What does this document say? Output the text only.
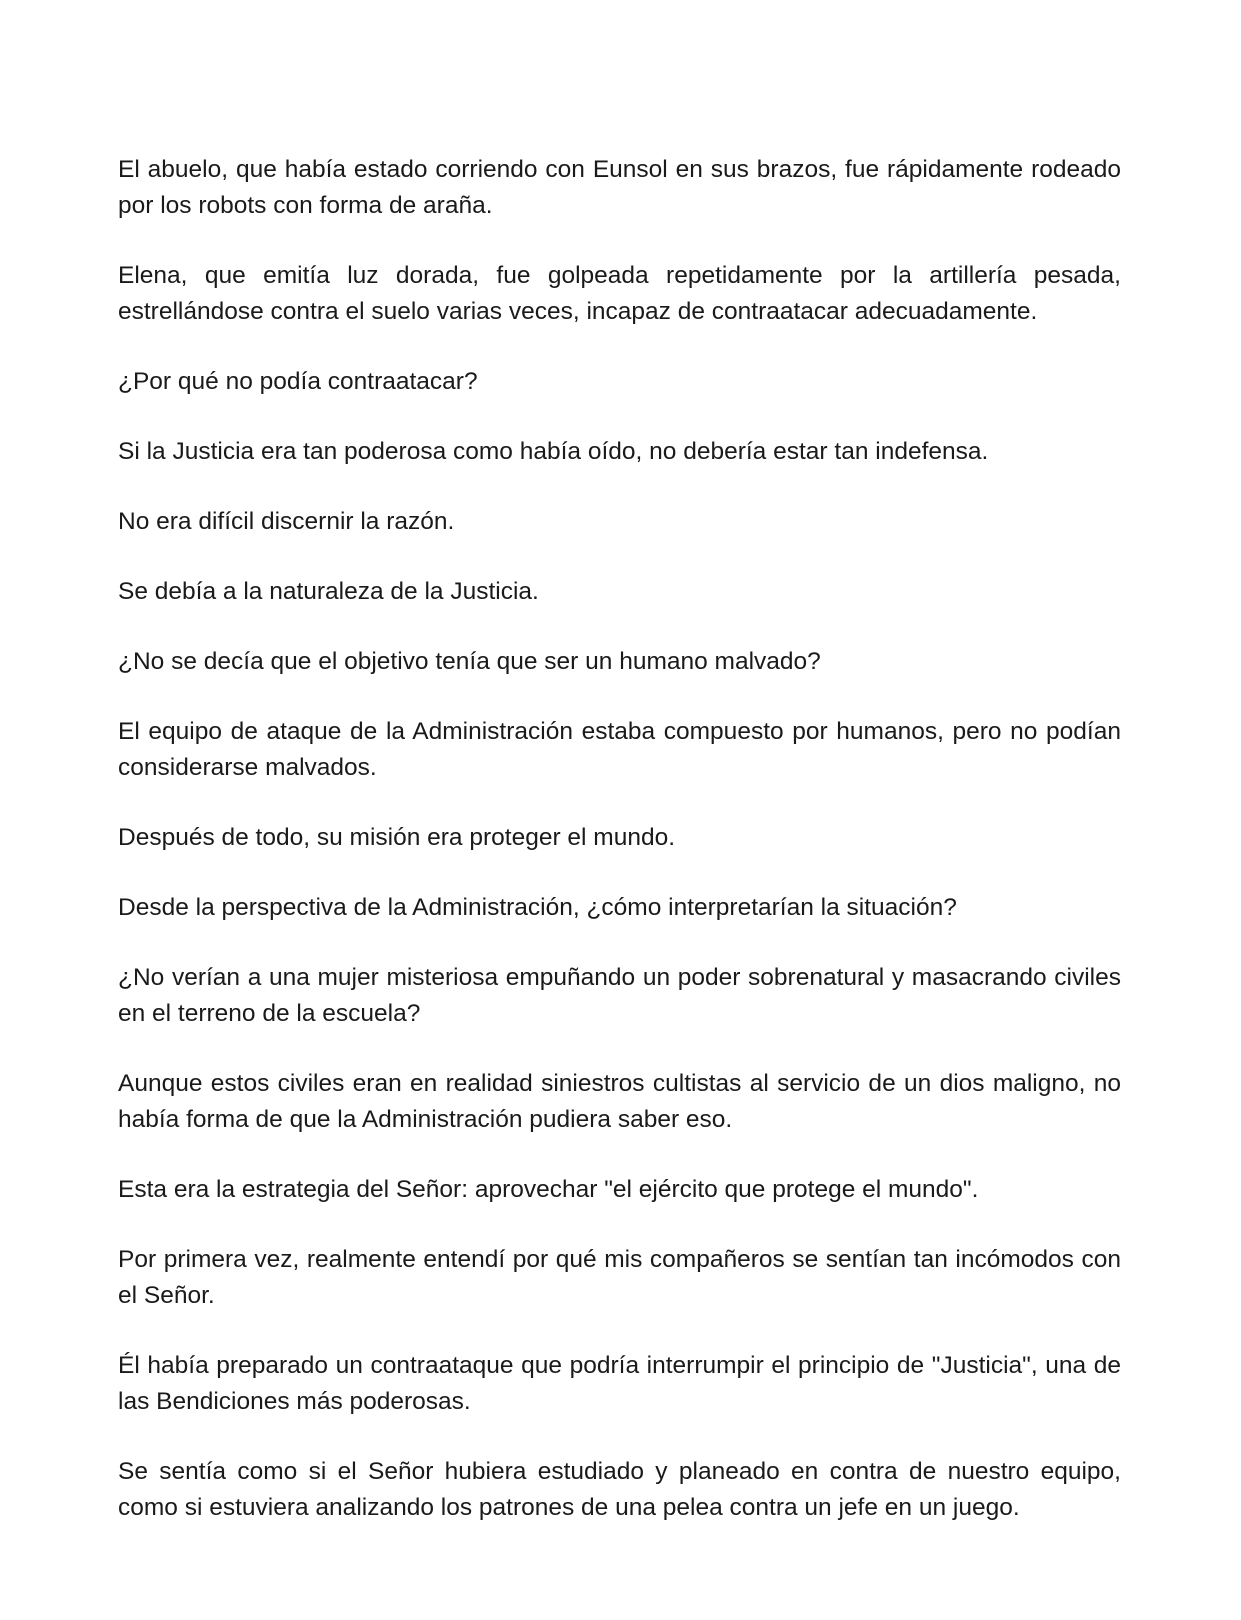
El abuelo, que había estado corriendo con Eunsol en sus brazos, fue rápidamente rodeado por los robots con forma de araña.

Elena, que emitía luz dorada, fue golpeada repetidamente por la artillería pesada, estrellándose contra el suelo varias veces, incapaz de contraatacar adecuadamente.

¿Por qué no podía contraatacar?

Si la Justicia era tan poderosa como había oído, no debería estar tan indefensa.

No era difícil discernir la razón.

Se debía a la naturaleza de la Justicia.

¿No se decía que el objetivo tenía que ser un humano malvado?

El equipo de ataque de la Administración estaba compuesto por humanos, pero no podían considerarse malvados.

Después de todo, su misión era proteger el mundo.

Desde la perspectiva de la Administración, ¿cómo interpretarían la situación?

¿No verían a una mujer misteriosa empuñando un poder sobrenatural y masacrando civiles en el terreno de la escuela?

Aunque estos civiles eran en realidad siniestros cultistas al servicio de un dios maligno, no había forma de que la Administración pudiera saber eso.

Esta era la estrategia del Señor: aprovechar "el ejército que protege el mundo".

Por primera vez, realmente entendí por qué mis compañeros se sentían tan incómodos con el Señor.

Él había preparado un contraataque que podría interrumpir el principio de "Justicia", una de las Bendiciones más poderosas.

Se sentía como si el Señor hubiera estudiado y planeado en contra de nuestro equipo, como si estuviera analizando los patrones de una pelea contra un jefe en un juego.
